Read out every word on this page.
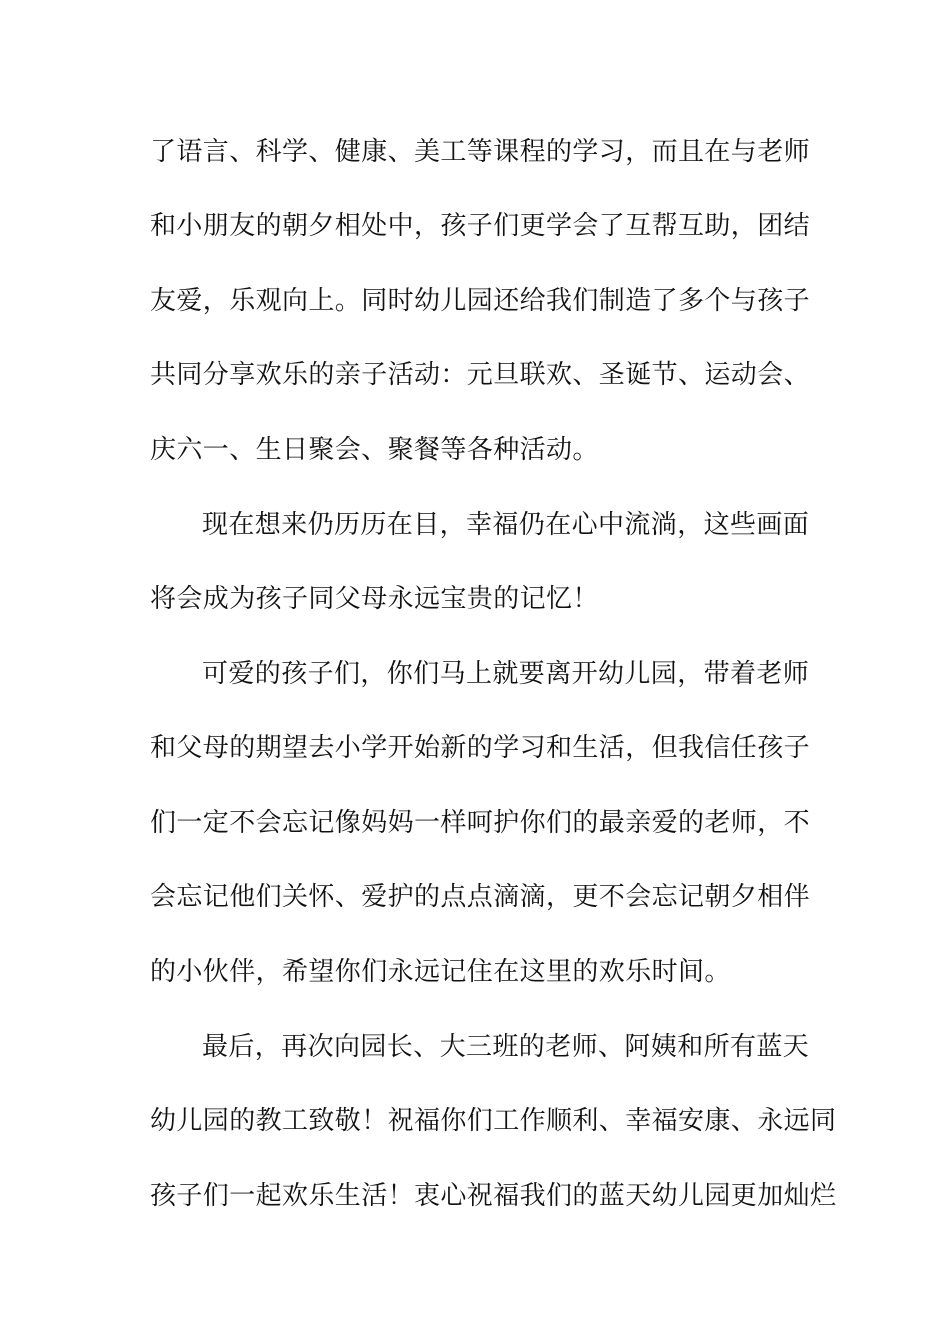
了语言、科学、健康、美工等课程的学习，而且在与老师
和小朋友的朝夕相处中，孩子们更学会了互帮互助，团结
友爱，乐观向上。同时幼儿园还给我们制造了多个与孩子
共同分享欢乐的亲子活动：元旦联欢、圣诞节、运动会、
庆六一、生日聚会、聚餐等各种活动。
现在想来仍历历在目，幸福仍在心中流淌，这些画面
将会成为孩子同父母永远宝贵的记忆！
可爱的孩子们，你们马上就要离开幼儿园，带着老师
和父母的期望去小学开始新的学习和生活，但我信任孩子
们一定不会忘记像妈妈一样呵护你们的最亲爱的老师，不
会忘记他们关怀、爱护的点点滴滴，更不会忘记朝夕相伴
的小伙伴，希望你们永远记住在这里的欢乐时间。
最后，再次向园长、大三班的老师、阿姨和所有蓝天
幼儿园的教工致敬！祝福你们工作顺利、幸福安康、永远同
孩子们一起欢乐生活！衷心祝福我们的蓝天幼儿园更加灿烂
